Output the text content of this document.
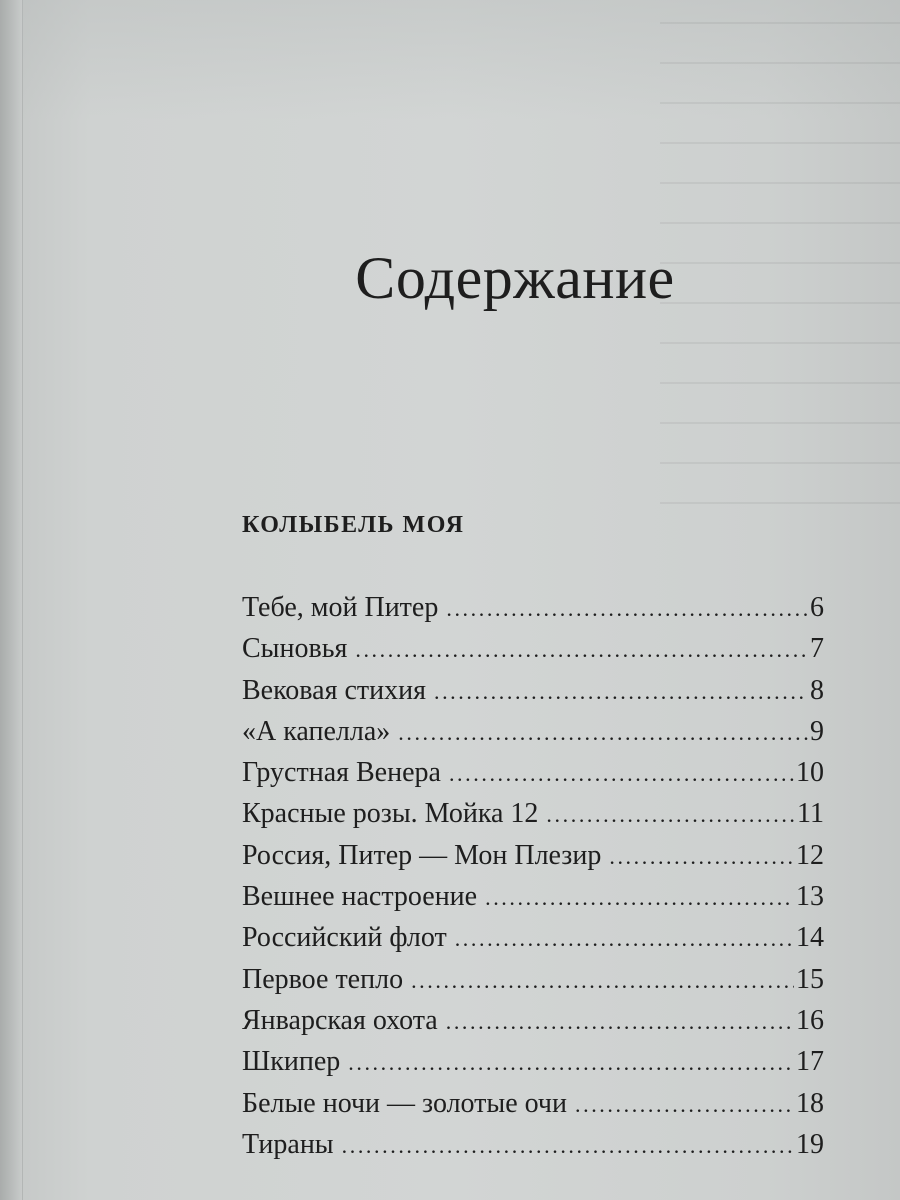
Содержание
КОЛЫБЕЛЬ МОЯ
Тебе, мой Питер .....	6
Сыновья .....	7
Вековая стихия .....	8
«А капелла» .....	9
Грустная Венера .....	10
Красные розы. Мойка 12 .....	11
Россия, Питер — Мон Плезир .....	12
Вешнее настроение .....	13
Российский флот .....	14
Первое тепло .....	15
Январская охота .....	16
Шкипер .....	17
Белые ночи — золотые очи .....	18
Тираны .....	19
